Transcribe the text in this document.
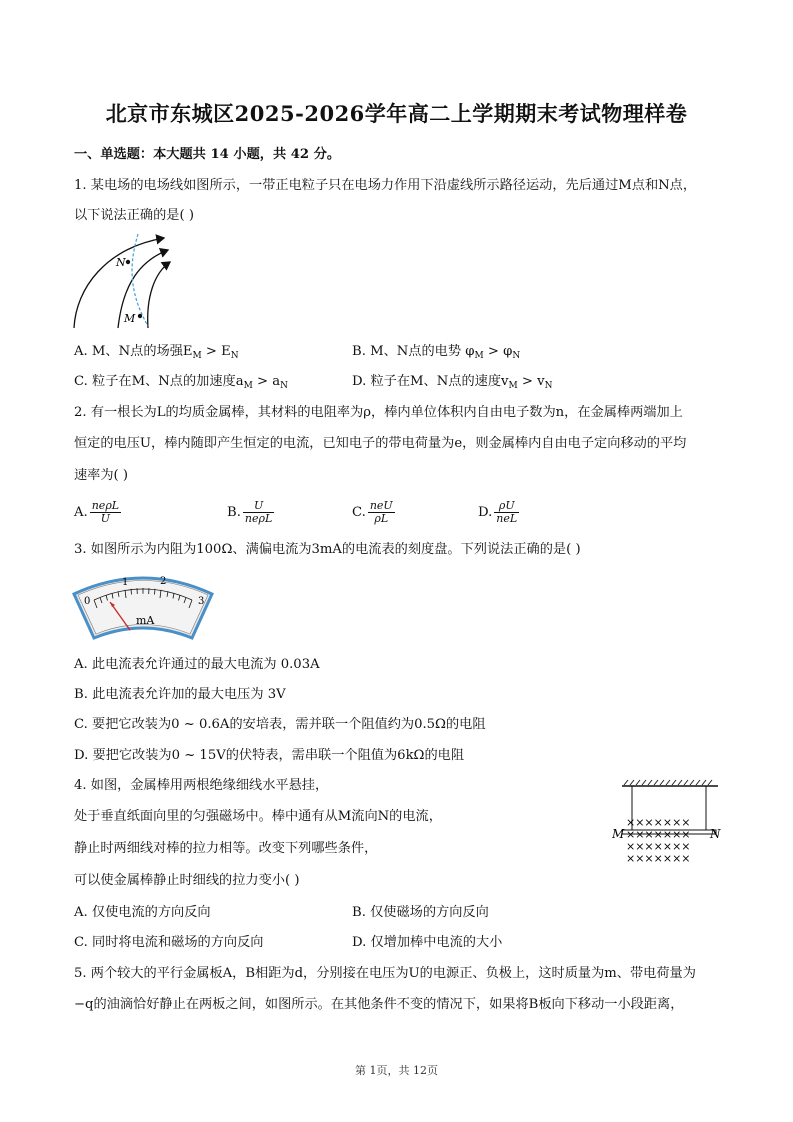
北京市东城区2025-2026学年高二上学期期末考试物理样卷
一、单选题：本大题共 14 小题，共 42 分。
1. 某电场的电场线如图所示，一带正电粒子只在电场力作用下沿虚线所示路径运动，先后通过M点和N点，
以下说法正确的是( )
N
M
A. M、N点的场强$E_M > E_N$	B. M、N点的电势 $\varphi_M > \varphi_N$
C. 粒子在M、N点的加速度$a_M > a_N$	D. 粒子在M、N点的速度$v_M > v_N$
2. 有一根长为L的均质金属棒，其材料的电阻率为ρ，棒内单位体积内自由电子数为n，在金属棒两端加上
恒定的电压U，棒内随即产生恒定的电流，已知电子的带电荷量为e，则金属棒内自由电子定向移动的平均
速率为( )
A. $\frac{\text{neρL}}{U}$	B. $\frac{U}{\text{neρL}}$	C. $\frac{\text{neU}}{\rho L}$	D. $\frac{\rho U}{\text{neL}}$
3. 如图所示为内阻为100Ω、满偏电流为3mA的电流表的刻度盘。下列说法正确的是( )
0
1	2
3
mA
A. 此电流表允许通过的最大电流为 0.03A
B. 此电流表允许加的最大电压为 3V
C. 要把它改装为0 ~ 0.6A的安培表，需并联一个阻值约为0.5Ω的电阻
D. 要把它改装为0 ~ 15V的伏特表，需串联一个阻值为6kΩ的电阻
4. 如图，金属棒用两根绝缘细线水平悬挂，
处于垂直纸面向里的匀强磁场中。棒中通有从M流向N的电流，
静止时两细线对棒的拉力相等。改变下列哪些条件，
可以使金属棒静止时细线的拉力变小( )
×××××××
×××××××
×××××××
×××××××
M	N
A. 仅使电流的方向反向	B. 仅使磁场的方向反向
C. 同时将电流和磁场的方向反向	D. 仅增加棒中电流的大小
5. 两个较大的平行金属板A，B相距为d，分别接在电压为U的电源正、负极上，这时质量为m、带电荷量为
−q的油滴恰好静止在两板之间，如图所示。在其他条件不变的情况下，如果将B板向下移动一小段距离，
第 1页，共 12页
